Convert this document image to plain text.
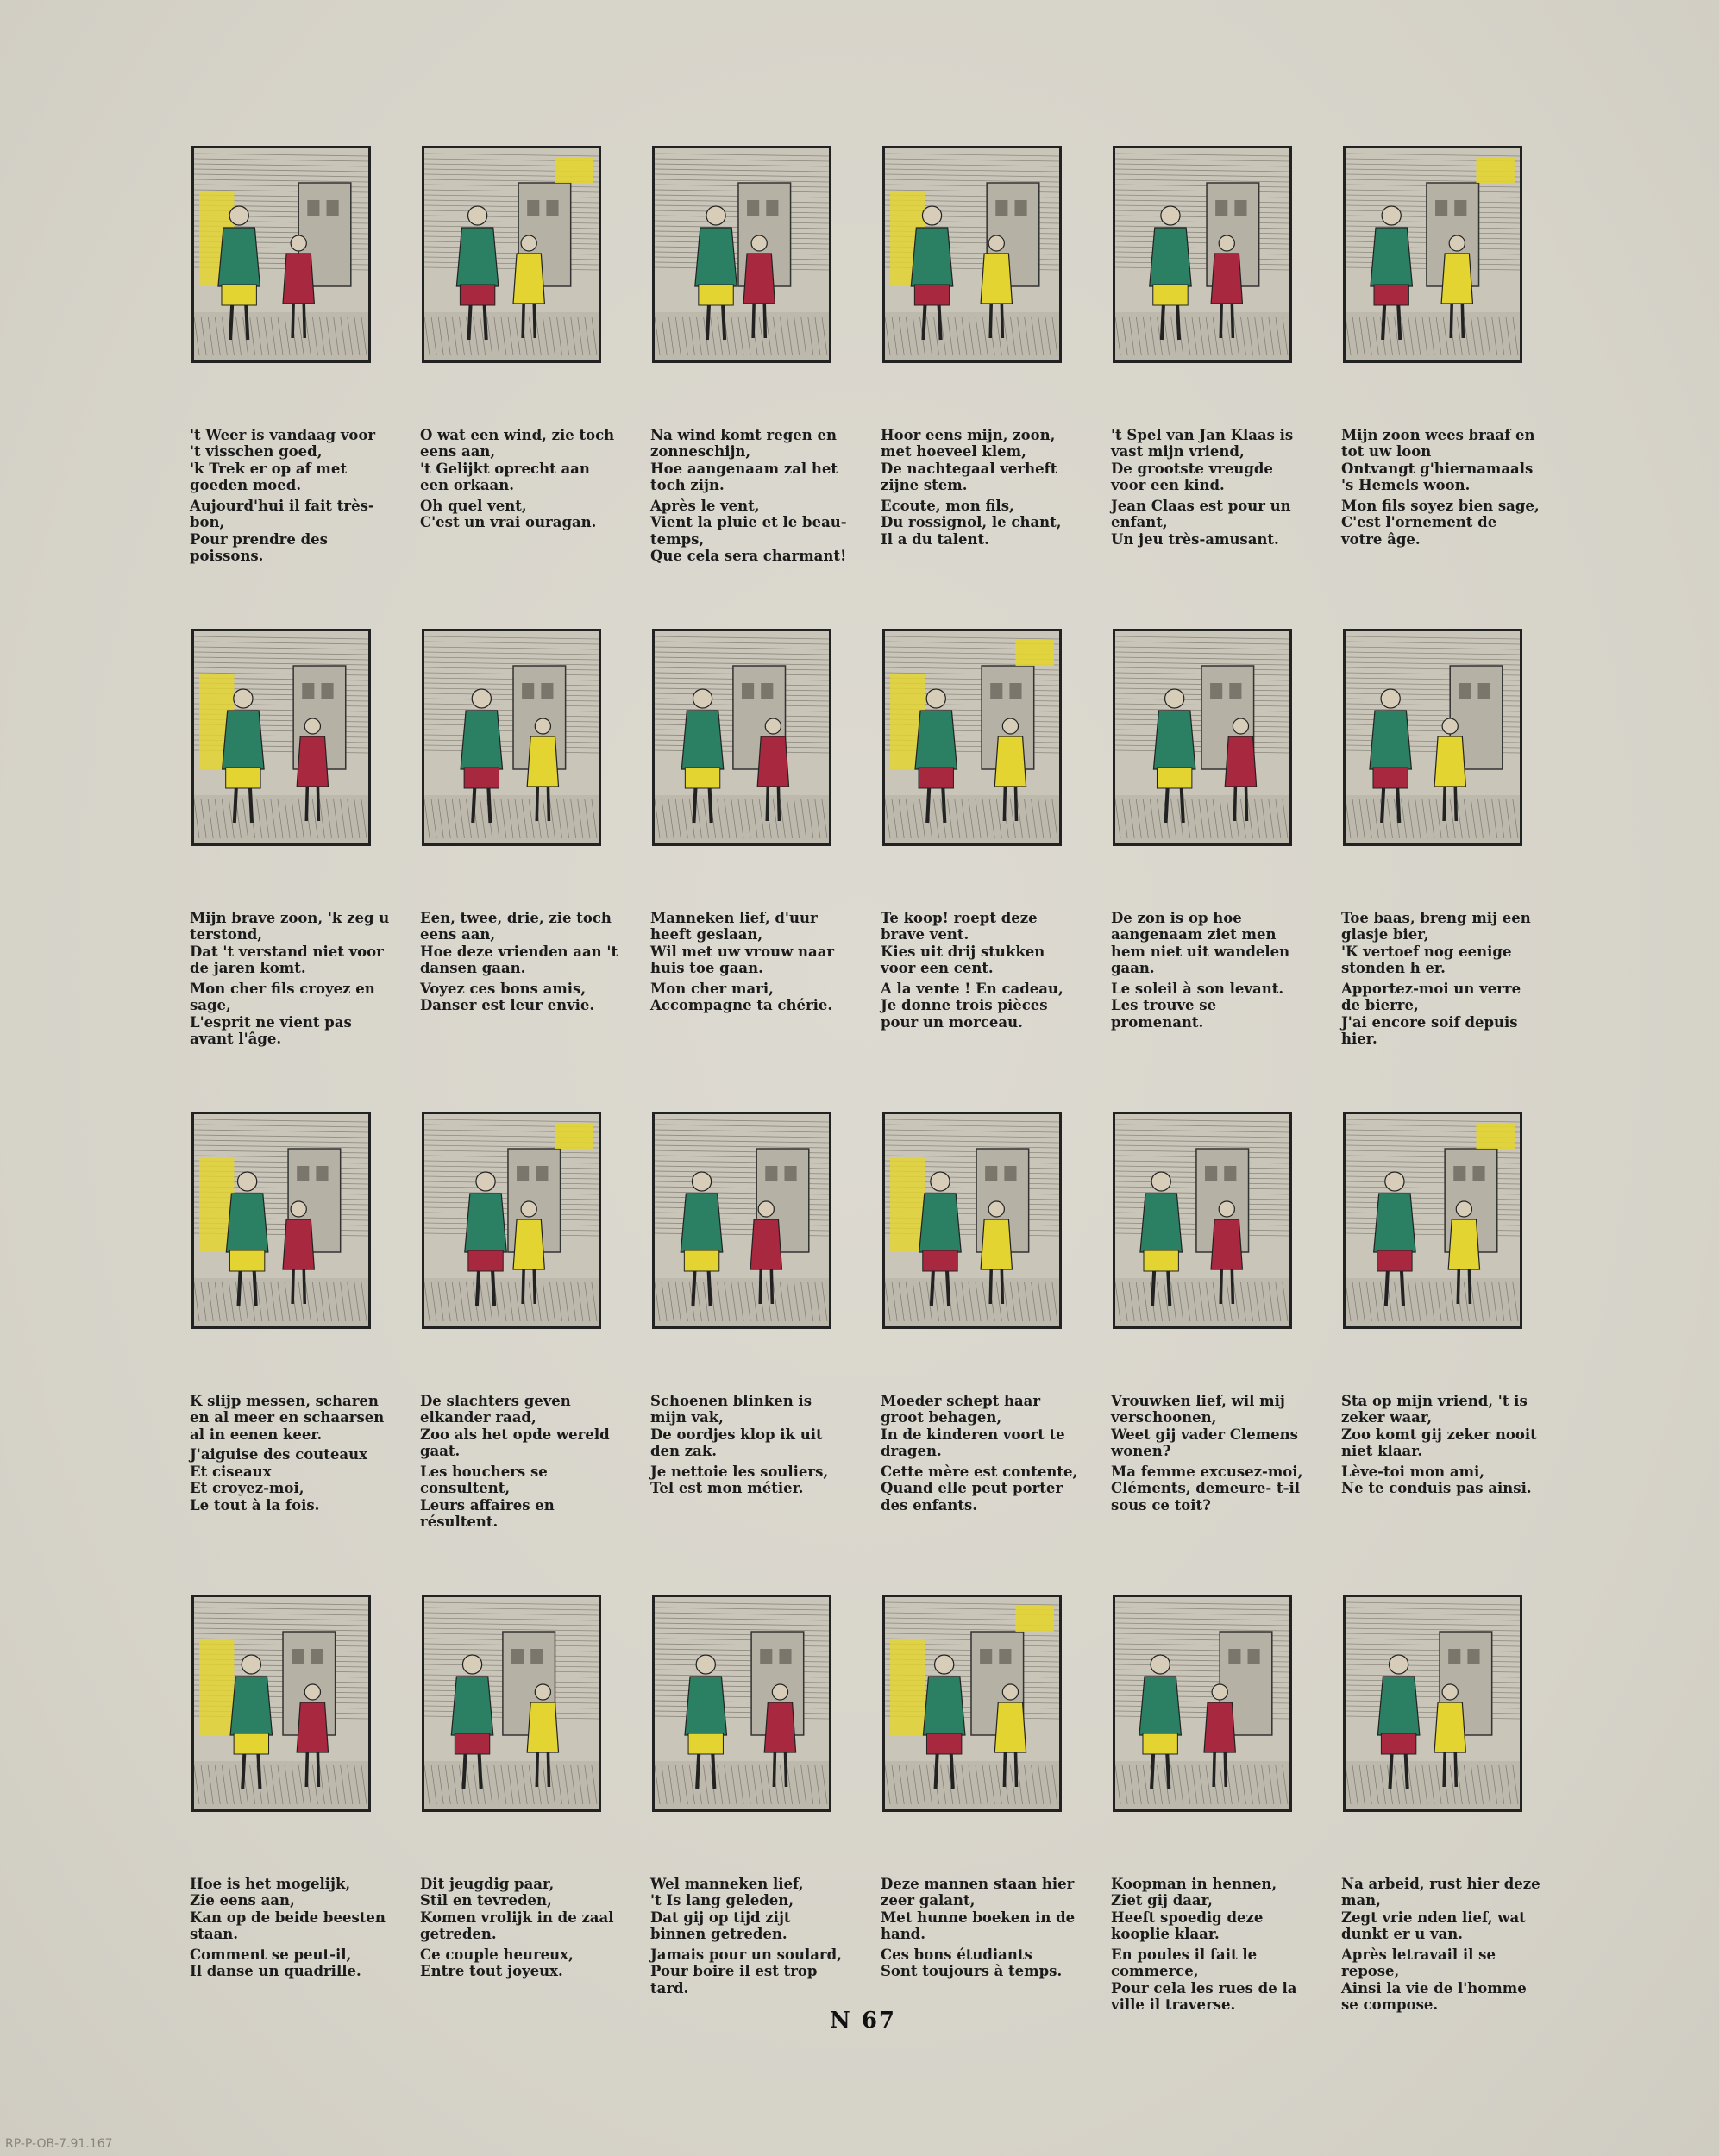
't Weer is vandaag voor 't visschen goed,
'k Trek er op af met goeden moed.

Aujourd'hui il fait très-bon,
Pour prendre des poissons.

O wat een wind, zie toch eens aan,
't Gelijkt oprecht aan een orkaan.

Oh quel vent,
C'est un vrai ouragan.

Na wind komt regen en zonneschijn,
Hoe aangenaam zal het toch zijn.

Après le vent,
Vient la pluie et le beau-temps,
Que cela sera charmant!

Hoor eens mijn, zoon, met hoeveel klem,
De nachtegaal verheft zijne stem.

Ecoute, mon fils,
Du rossignol, le chant,
Il a du talent.

't Spel van Jan Klaas is vast mijn vriend,
De grootste vreugde voor een kind.

Jean Claas est pour un enfant,
Un jeu très-amusant.

Mijn zoon wees braaf en tot uw loon
Ontvangt g'hiernamaals 's Hemels woon.

Mon fils soyez bien sage,
C'est l'ornement de votre âge.

Mijn brave zoon, 'k zeg u terstond,
Dat 't verstand niet voor de jaren komt.

Mon cher fils croyez en sage,
L'esprit ne vient pas avant l'âge.

Een, twee, drie, zie toch eens aan,
Hoe deze vrienden aan 't dansen gaan.

Voyez ces bons amis,
Danser est leur envie.

Manneken lief, d'uur heeft geslaan,
Wil met uw vrouw naar huis toe gaan.

Mon cher mari,
Accompagne ta chérie.

Te koop! roept deze brave vent.
Kies uit drij stukken voor een cent.

A la vente ! En cadeau,
Je donne trois pièces pour un morceau.

De zon is op hoe aangenaam ziet men hem niet uit wandelen gaan.

Le soleil à son levant.
Les trouve se promenant.

Toe baas, breng mij een glasje bier,
'K vertoef nog eenige stonden h er.

Apportez-moi un verre de bierre,
J'ai encore soif depuis hier.

K slijp messen, scharen en al meer en schaarsen al in eenen keer.

J'aiguise des couteaux
Et ciseaux
Et croyez-moi,
Le tout à la fois.

De slachters geven elkander raad,
Zoo als het opde wereld gaat.

Les bouchers se consultent,
Leurs affaires en résultent.

Schoenen blinken is mijn vak,
De oordjes klop ik uit den zak.

Je nettoie les souliers,
Tel est mon métier.

Moeder schept haar groot behagen,
In de kinderen voort te dragen.

Cette mère est contente,
Quand elle peut porter des enfants.

Vrouwken lief, wil mij verschoonen,
Weet gij vader Clemens wonen?

Ma femme excusez-moi,
Cléments, demeure- t-il sous ce toit?

Sta op mijn vriend, 't is zeker waar,
Zoo komt gij zeker nooit niet klaar.

Lève-toi mon ami,
Ne te conduis pas ainsi.

Hoe is het mogelijk,
Zie eens aan,
Kan op de beide beesten staan.

Comment se peut-il,
Il danse un quadrille.

Dit jeugdig paar,
Stil en tevreden,
Komen vrolijk in de zaal getreden.

Ce couple heureux,
Entre tout joyeux.

Wel manneken lief,
't Is lang geleden,
Dat gij op tijd zijt binnen getreden.

Jamais pour un soulard,
Pour boire il est trop tard.

Deze mannen staan hier zeer galant,
Met hunne boeken in de hand.

Ces bons étudiants
Sont toujours à temps.

Koopman in hennen,
Ziet gij daar,
Heeft spoedig deze kooplie klaar.

En poules il fait le commerce,
Pour cela les rues de la ville il traverse.

Na arbeid, rust hier deze man,
Zegt vrie nden lief, wat dunkt er u van.

Après letravail il se repose,
Ainsi la vie de l'homme se compose.

N 67
RP-P-OB-7.91.167
